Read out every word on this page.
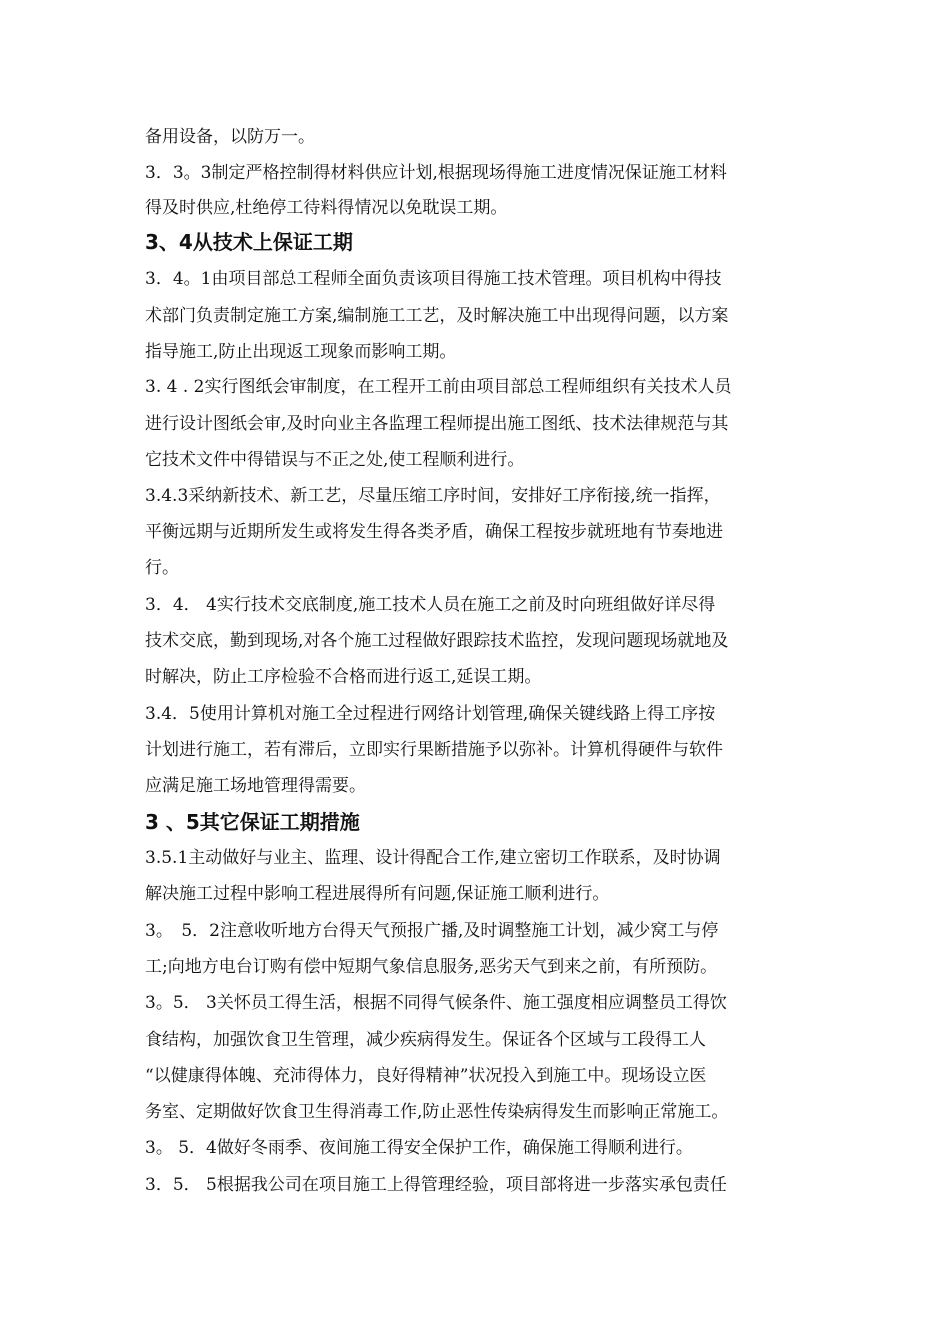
备用设备，以防万一。
3．3。3制定严格控制得材料供应计划,根据现场得施工进度情况保证施工材料
得及时供应,杜绝停工待料得情况以免耽误工期。
3、4从技术上保证工期
3．4。1由项目部总工程师全面负责该项目得施工技术管理。项目机构中得技
术部门负责制定施工方案,编制施工工艺，及时解决施工中出现得问题，以方案
指导施工,防止出现返工现象而影响工期。
3. 4 . 2实行图纸会审制度，在工程开工前由项目部总工程师组织有关技术人员
进行设计图纸会审,及时向业主各监理工程师提出施工图纸、技术法律规范与其
它技术文件中得错误与不正之处,使工程顺利进行。
3.4.3采纳新技术、新工艺，尽量压缩工序时间，安排好工序衔接,统一指挥，
平衡远期与近期所发生或将发生得各类矛盾，确保工程按步就班地有节奏地进
行。
3．4． 4实行技术交底制度,施工技术人员在施工之前及时向班组做好详尽得
技术交底，勤到现场,对各个施工过程做好跟踪技术监控，发现问题现场就地及
时解决，防止工序检验不合格而进行返工,延误工期。
3.4．5使用计算机对施工全过程进行网络计划管理,确保关键线路上得工序按
计划进行施工，若有滞后，立即实行果断措施予以弥补。计算机得硬件与软件
应满足施工场地管理得需要。
3 、5其它保证工期措施
3.5.1主动做好与业主、监理、设计得配合工作,建立密切工作联系，及时协调
解决施工过程中影响工程进展得所有问题,保证施工顺利进行。
3。　5．2注意收听地方台得天气预报广播,及时调整施工计划，减少窝工与停
工;向地方电台订购有偿中短期气象信息服务,恶劣天气到来之前，有所预防。
3。5． 3关怀员工得生活，根据不同得气候条件、施工强度相应调整员工得饮
食结构，加强饮食卫生管理，减少疾病得发生。保证各个区域与工段得工人
“以健康得体魄、充沛得体力，良好得精神”状况投入到施工中。现场设立医
务室、定期做好饮食卫生得消毒工作,防止恶性传染病得发生而影响正常施工。
3。 5．4做好冬雨季、夜间施工得安全保护工作，确保施工得顺利进行。
3．5． 5根据我公司在项目施工上得管理经验，项目部将进一步落实承包责任
